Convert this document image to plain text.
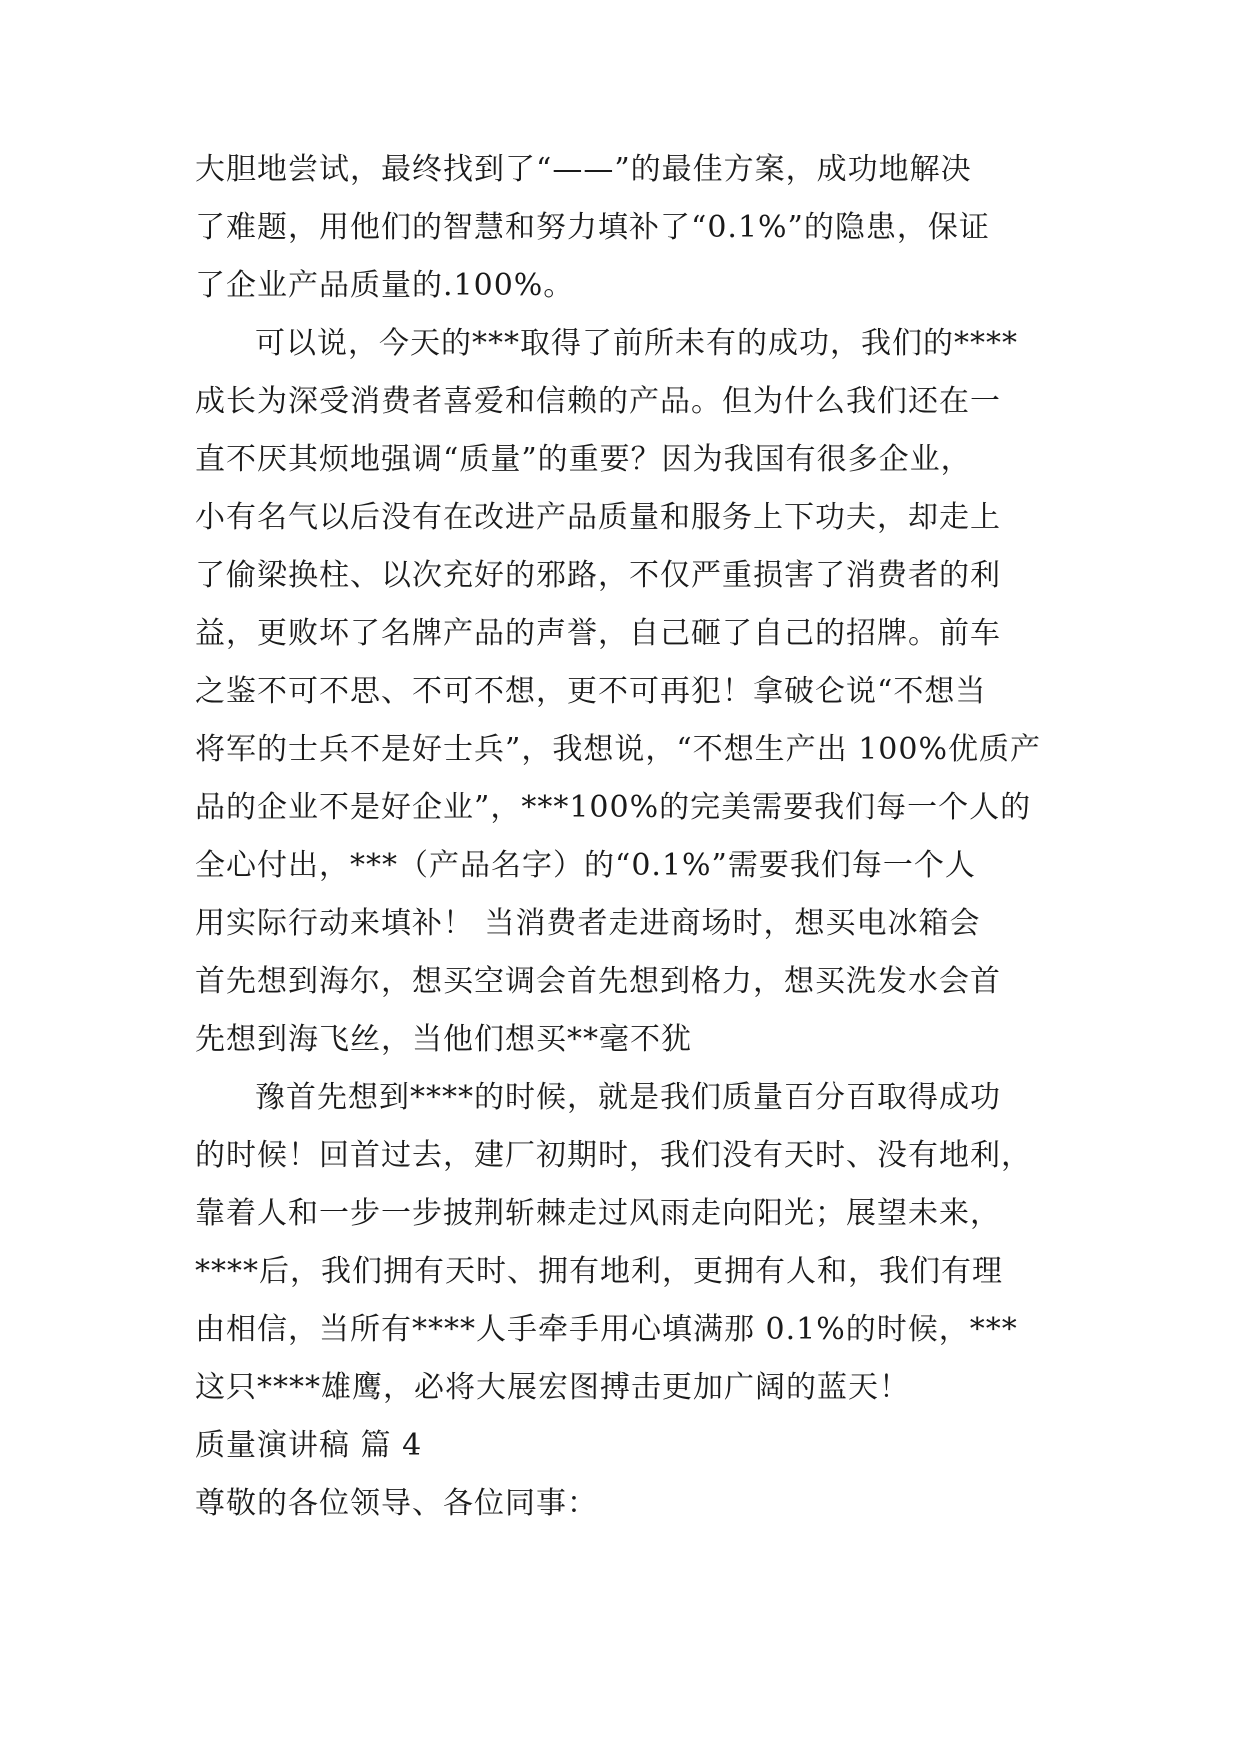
大胆地尝试，最终找到了“——”的最佳方案，成功地解决
了难题，用他们的智慧和努力填补了“0.1%”的隐患，保证
了企业产品质量的.100%。
可以说，今天的***取得了前所未有的成功，我们的****
成长为深受消费者喜爱和信赖的产品。但为什么我们还在一
直不厌其烦地强调“质量”的重要？因为我国有很多企业，
小有名气以后没有在改进产品质量和服务上下功夫，却走上
了偷梁换柱、以次充好的邪路，不仅严重损害了消费者的利
益，更败坏了名牌产品的声誉，自己砸了自己的招牌。前车
之鉴不可不思、不可不想，更不可再犯！拿破仑说“不想当
将军的士兵不是好士兵”，我想说，“不想生产出 100%优质产
品的企业不是好企业”，***100%的完美需要我们每一个人的
全心付出，***（产品名字）的“0.1%”需要我们每一个人
用实际行动来填补！ 当消费者走进商场时，想买电冰箱会
首先想到海尔，想买空调会首先想到格力，想买洗发水会首
先想到海飞丝，当他们想买**毫不犹
豫首先想到****的时候，就是我们质量百分百取得成功
的时候！回首过去，建厂初期时，我们没有天时、没有地利，
靠着人和一步一步披荆斩棘走过风雨走向阳光；展望未来，
****后，我们拥有天时、拥有地利，更拥有人和，我们有理
由相信，当所有****人手牵手用心填满那 0.1%的时候，***
这只****雄鹰，必将大展宏图搏击更加广阔的蓝天！
质量演讲稿 篇 4
尊敬的各位领导、各位同事：
